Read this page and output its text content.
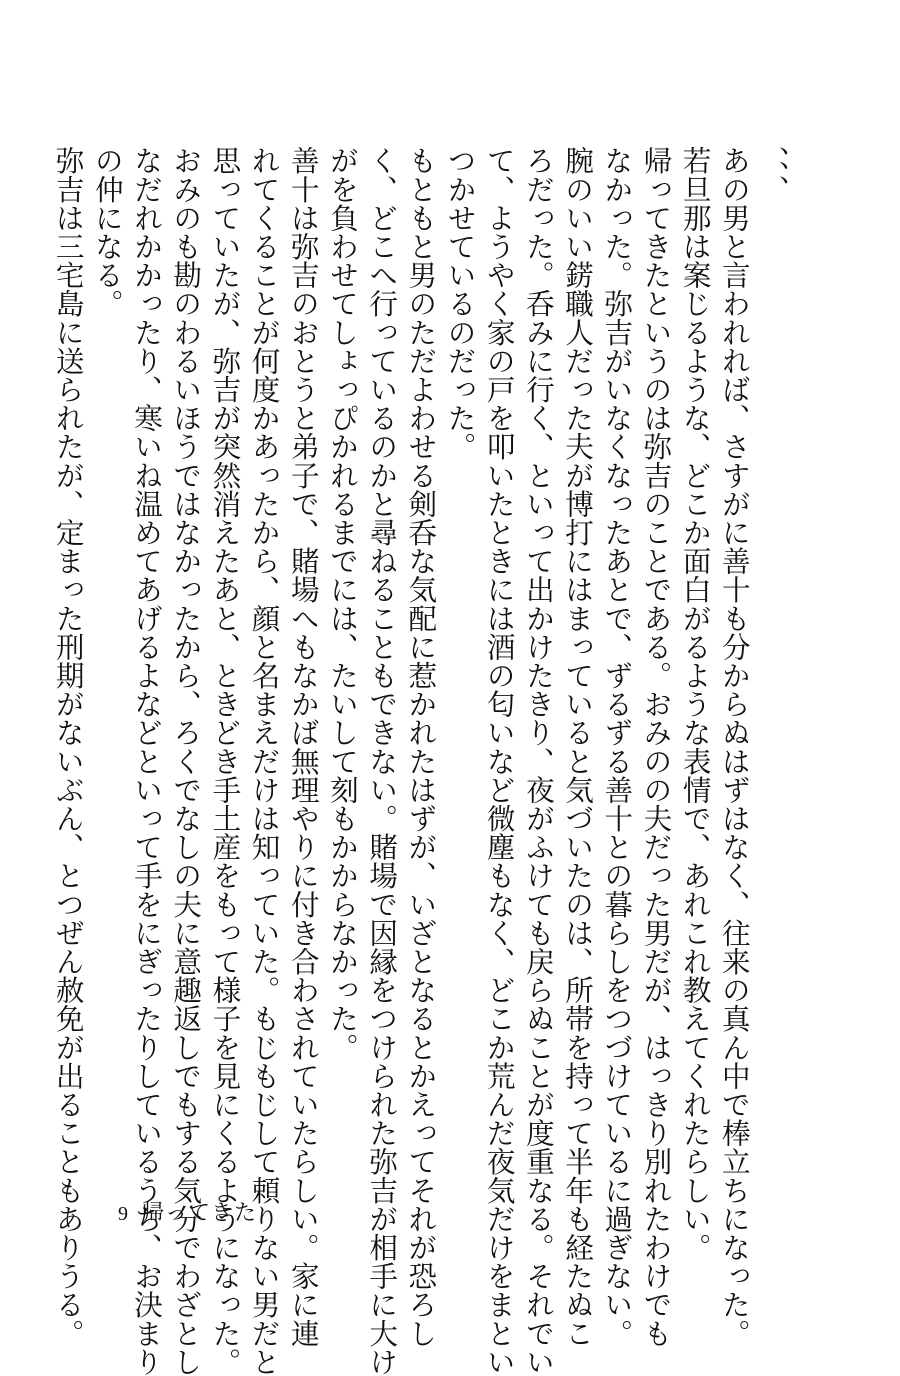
、、、
あの男と言われれば、さすがに善十も分からぬはずはなく、往来の真ん中で棒立ちになった。
若旦那は案じるような、どこか面白がるような表情で、あれこれ教えてくれたらしい。
帰ってきたというのは弥吉のことである。おみのの夫だった男だが、はっきり別れたわけでも
なかった。弥吉がいなくなったあとで、ずるずる善十との暮らしをつづけているに過ぎない。
腕のいい錺職人だった夫が博打にはまっていると気づいたのは、所帯を持って半年も経たぬこ
ろだった。呑みに行く、といって出かけたきり、夜がふけても戻らぬことが度重なる。それでい
て、ようやく家の戸を叩いたときには酒の匂いなど微塵もなく、どこか荒んだ夜気だけをまとい
つかせているのだった。
もともと男のただよわせる剣呑な気配に惹かれたはずが、いざとなるとかえってそれが恐ろし
く、どこへ行っているのかと尋ねることもできない。賭場で因縁をつけられた弥吉が相手に大け
がを負わせてしょっぴかれるまでには、たいして刻もかからなかった。
善十は弥吉のおとうと弟子で、賭場へもなかば無理やりに付き合わされていたらしい。家に連
れてくることが何度かあったから、顔と名まえだけは知っていた。もじもじして頼りない男だと
思っていたが、弥吉が突然消えたあと、ときどき手土産をもって様子を見にくるようになった。
おみのも勘のわるいほうではなかったから、ろくでなしの夫に意趣返しでもする気分でわざとし
なだれかかったり、寒いね温めてあげるよなどといって手をにぎったりしているうち、お決まり
の仲になる。
弥吉は三宅島に送られたが、定まった刑期がないぶん、とつぜん赦免が出ることもありうる。 9 帰ってきた
